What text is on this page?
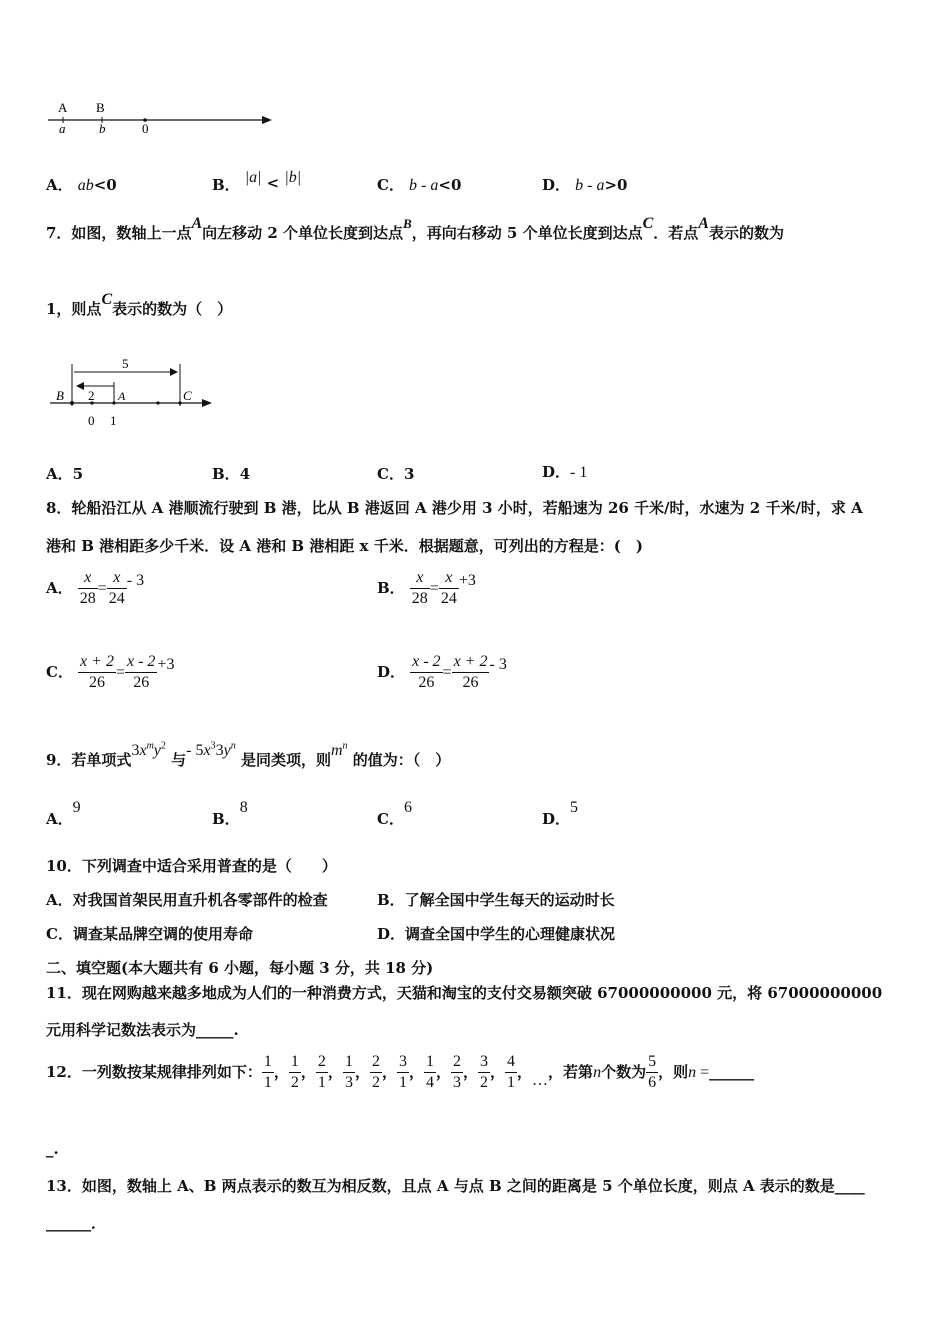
A B
a	b	0
A． ab<0	B． |a| < |b|	C． b - a<0	D． b - a>0
7．如图，数轴上一点A向左移动 2 个单位长度到达点B，再向右移动 5 个单位长度到达点C．若点A表示的数为
1，则点C表示的数为（　）
5
2
B	A	C
0 1
A．5	B．4	C．3	D．- 1
8．轮船沿江从 A 港顺流行驶到 B 港，比从 B 港返回 A 港少用 3 小时，若船速为 26 千米/时，水速为 2 千米/时，求 A
港和 B 港相距多少千米．设 A 港和 B 港相距 x 千米．根据题意，可列出的方程是：(　)
A． $\frac{x}{28} = \frac{x}{24} - 3$	B． $\frac{x}{28} = \frac{x}{24} +3$
C． $\frac{x + 2}{26} = \frac{x - 2}{26} +3$	D． $\frac{x - 2}{26} = \frac{x + 2}{26} - 3$
9．若单项式$3x^my^2$ 与- $5x^33y^n$ 是同类项，则$m^n$ 的值为：（　）
A．9
B．8
C．6
D．5
10．下列调查中适合采用普查的是（　　）
A．对我国首架民用直升机各零部件的检查	B．了解全国中学生每天的运动时长
C．调查某品牌空调的使用寿命	D．调查全国中学生的心理健康状况
二、填空题(本大题共有 6 小题，每小题 3 分，共 18 分)
11．现在网购越来越多地成为人们的一种消费方式，天猫和淘宝的支付交易额突破 67000000000 元，将 67000000000
元用科学记数法表示为_____.
12．一列数按某规律排列如下： $\frac{1}{1}$ ， $\frac{1}{2}$ ， $\frac{2}{1}$ ， $\frac{1}{3}$ ， $\frac{2}{2}$ ， $\frac{3}{1}$ ， $\frac{1}{4}$ ， $\frac{2}{3}$ ， $\frac{3}{2}$ ， $\frac{4}{1}$ ，…，若第n个数为 $\frac{5}{6}$ ，则n =______
_.
13．如图，数轴上 A、B 两点表示的数互为相反数，且点 A 与点 B 之间的距离是 5 个单位长度，则点 A 表示的数是____
______．
